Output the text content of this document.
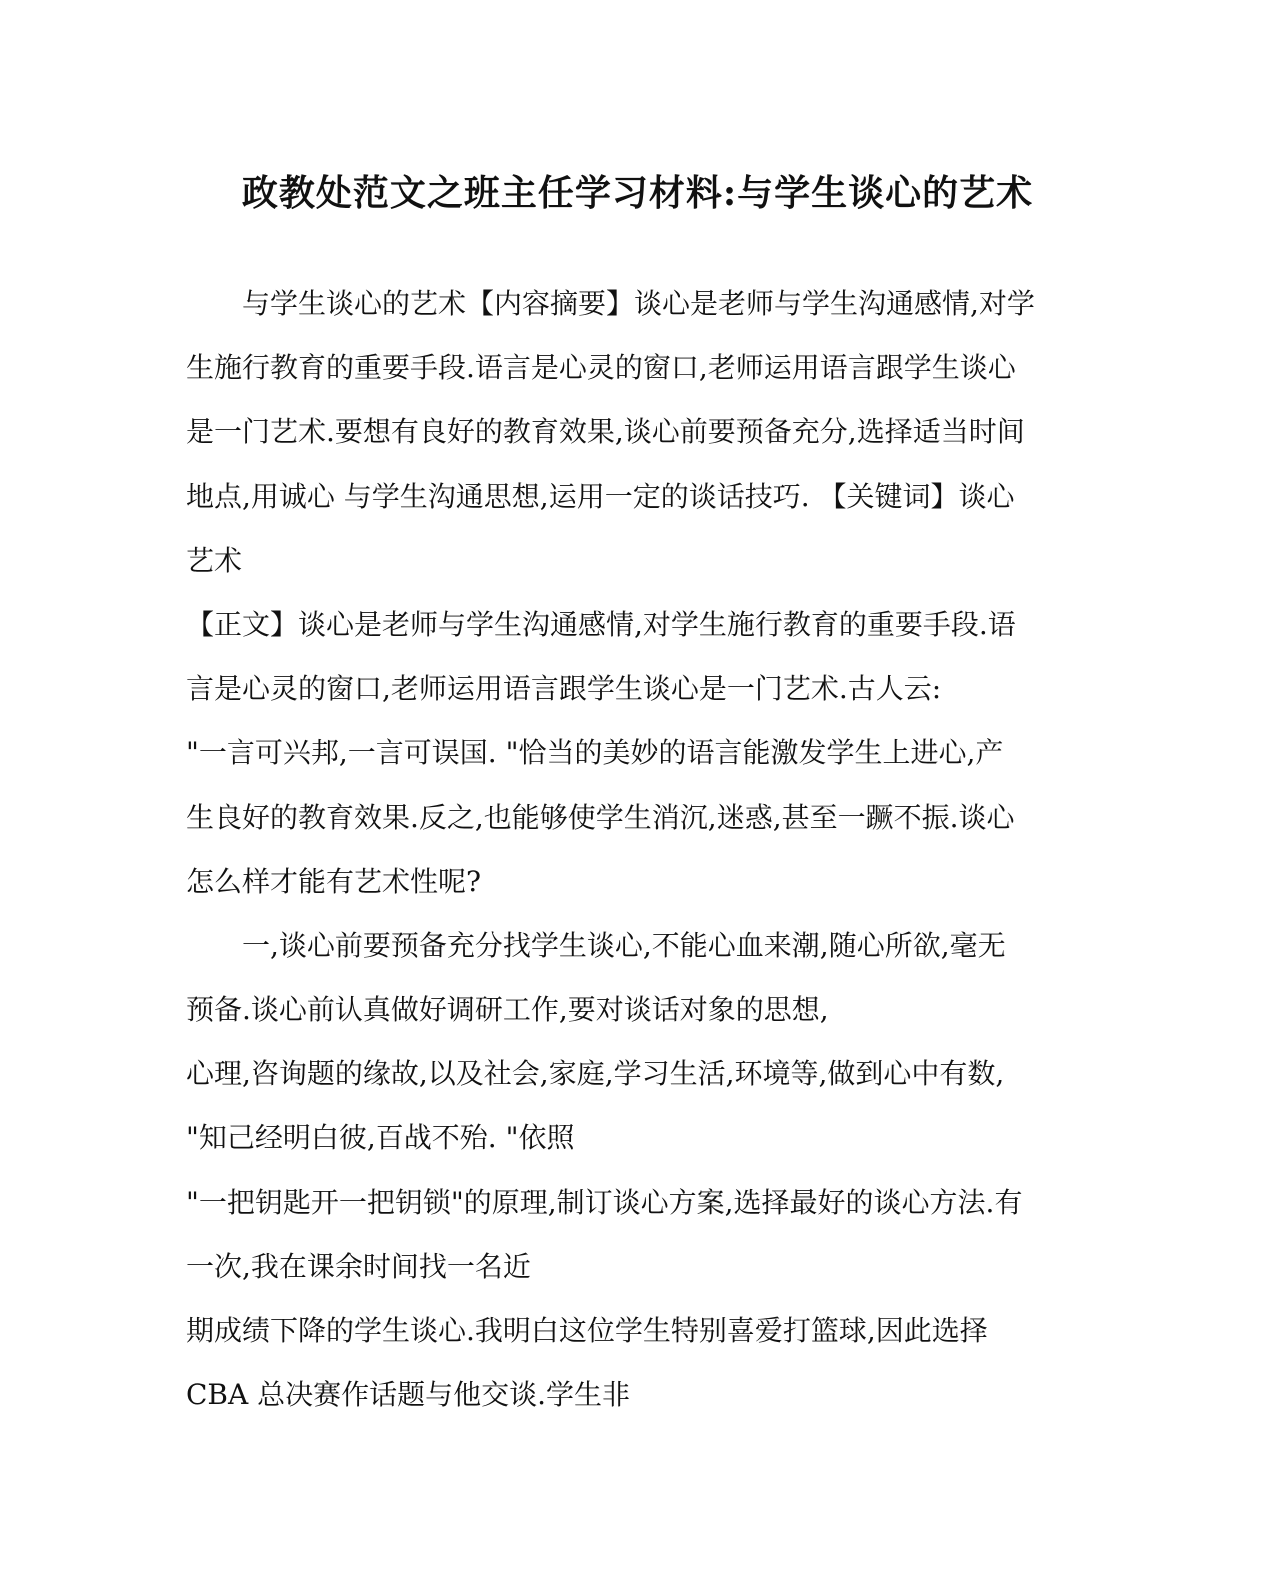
政教处范文之班主任学习材料:与学生谈心的艺术
与学生谈心的艺术【内容摘要】谈心是老师与学生沟通感情,对学
生施行教育的重要手段.语言是心灵的窗口,老师运用语言跟学生谈心
是一门艺术.要想有良好的教育效果,谈心前要预备充分,选择适当时间
地点,用诚心 与学生沟通思想,运用一定的谈话技巧. 【关键词】谈心
艺术
【正文】谈心是老师与学生沟通感情,对学生施行教育的重要手段.语
言是心灵的窗口,老师运用语言跟学生谈心是一门艺术.古人云:
"一言可兴邦,一言可误国. "恰当的美妙的语言能激发学生上进心,产
生良好的教育效果.反之,也能够使学生消沉,迷惑,甚至一蹶不振.谈心
怎么样才能有艺术性呢?
一,谈心前要预备充分找学生谈心,不能心血来潮,随心所欲,毫无
预备.谈心前认真做好调研工作,要对谈话对象的思想,
心理,咨询题的缘故,以及社会,家庭,学习生活,环境等,做到心中有数,
"知己经明白彼,百战不殆. "依照
"一把钥匙开一把钥锁"的原理,制订谈心方案,选择最好的谈心方法.有
一次,我在课余时间找一名近
期成绩下降的学生谈心.我明白这位学生特别喜爱打篮球,因此选择
CBA 总决赛作话题与他交谈.学生非
